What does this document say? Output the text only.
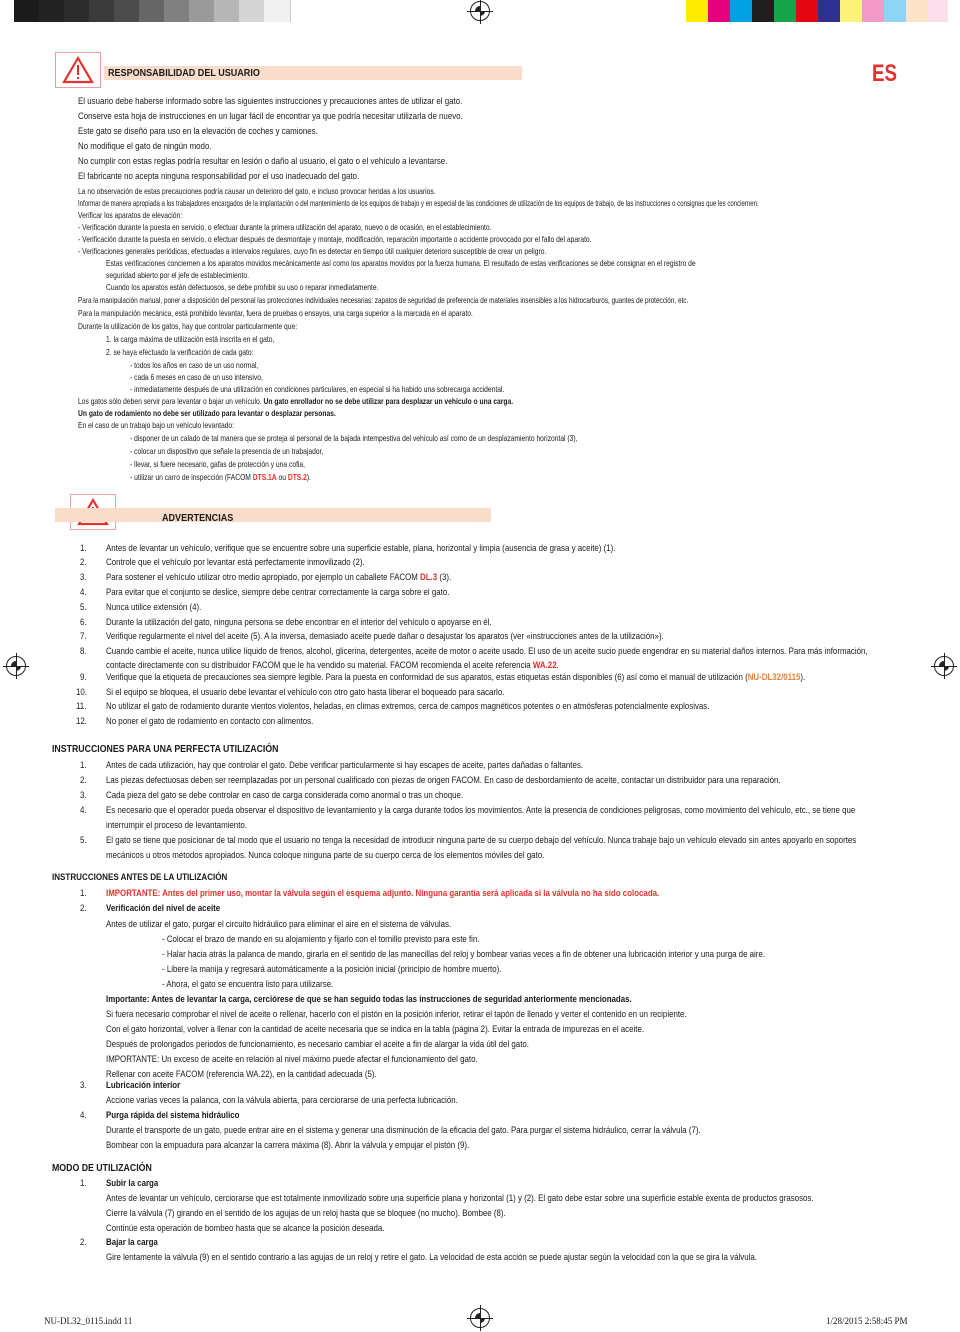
ES
RESPONSABILIDAD DEL USUARIO
El usuario debe haberse informado sobre las siguientes instrucciones y precauciones antes de utilizar el gato.
Conserve esta hoja de instrucciones en un lugar fácil de encontrar ya que podría necesitar utilizarla de nuevo.
Este gato se diseñó para uso en la elevación de coches y camiones.
No modifique el gato de ningún modo.
No cumplir con estas reglas podría resultar en lesión o daño al usuario, el gato o el vehículo a levantarse.
El fabricante no acepta ninguna responsabilidad por el uso inadecuado del gato.
La no observación de estas precauciones podría causar un deterioro del gato, e incluso provocar heridas a los usuarios.
Informar de manera apropiada a los trabajadores encargados de la implantación o del mantenimiento de los equipos de trabajo y en especial de las condiciones de utilización de los equipos de trabajo, de las instrucciones o consignas que les conciernen.
Verificar los aparatos de elevación:
- Verificación durante la puesta en servicio, o efectuar durante la primera utilización del aparato, nuevo o de ocasión, en el establecimiento.
- Verificación durante la puesta en servicio, o efectuar después de desmontaje y montaje, modificación, reparación importante o accidente provocado por el fallo del aparato.
- Verificaciones generales periódicas, efectuadas a intervalos regulares, cuyo fin es detectar en tiempo útil cualquier deterioro susceptible de crear un peligro.
Estas verificaciones conciernen a los aparatos movidos mecánicamente así como los aparatos movidos por la fuerza humana. El resultado de estas verificaciones se debe consignar en el registro de
seguridad abierto por el jefe de establecimiento.
Cuando los aparatos están defectuosos, se debe prohibir su uso o reparar inmediatamente.
Para la manipulación manual, poner a disposición del personal las protecciones individuales necesarias: zapatos de seguridad de preferencia de materiales insensibles a los hidrocarburos, guantes de protección, etc.
Para la manipulación mecánica, está prohibido levantar, fuera de pruebas o ensayos, una carga superior a la marcada en el aparato.
Durante la utilización de los gatos, hay que controlar particularmente que:
1. la carga máxima de utilización está inscrita en el gato,
2. se haya efectuado la verificación de cada gato:
- todos los años en caso de un uso normal,
- cada 6 meses en caso de un uso intensivo,
- inmediatamente después de una utilización en condiciones particulares, en especial si ha habido una sobrecarga accidental.
Los gatos sólo deben servir para levantar o bajar un vehículo. Un gato enrollador no se debe utilizar para desplazar un vehículo o una carga.
Un gato de rodamiento no debe ser utilizado para levantar o desplazar personas.
En el caso de un trabajo bajo un vehículo levantado:
- disponer de un calado de tal manera que se proteja al personal de la bajada intempestiva del vehículo así como de un desplazamiento horizontal (3),
- colocar un dispositivo que señale la presencia de un trabajador,
- llevar, si fuere necesario, gafas de protección y una cofia,
- utilizar un carro de inspección (FACOM DTS.1A ou DTS.2).
ADVERTENCIAS
1. Antes de levantar un vehículo, verifique que se encuentre sobre una superficie estable, plana, horizontal y limpia (ausencia de grasa y aceite) (1).
2. Controle que el vehículo por levantar está perfectamente inmovilizado (2).
3. Para sostener el vehículo utilizar otro medio apropiado, por ejemplo un caballete FACOM DL.3 (3).
4. Para evitar que el conjunto se deslice, siempre debe centrar correctamente la carga sobre el gato.
5. Nunca utilice extensión (4).
6. Durante la utilización del gato, ninguna persona se debe encontrar en el interior del vehículo o apoyarse en él.
7. Verifique regularmente el nivel del aceite (5). A la inversa, demasiado aceite puede dañar o desajustar los aparatos (ver «instrucciones antes de la utilización»).
8. Cuando cambie el aceite, nunca utilice líquido de frenos, alcohol, glicerina, detergentes, aceite de motor o aceite usado. El uso de un aceite sucio puede engendrar en su material daños internos. Para más información,
contacte directamente con su distribuidor FACOM que le ha vendido su material. FACOM recomienda el aceite referencia WA.22.
9. Verifique que la etiqueta de precauciones sea siempre legible. Para la puesta en conformidad de sus aparatos, estas etiquetas están disponibles (6) así como el manual de utilización (NU-DL32/0115).
10. Si el equipo se bloquea, el usuario debe levantar el vehículo con otro gato hasta liberar el boqueado para sacarlo.
11. No utilizar el gato de rodamiento durante vientos violentos, heladas, en climas extremos, cerca de campos magnéticos potentes o en atmósferas potencialmente explosivas.
12. No poner el gato de rodamiento en contacto con alimentos.
INSTRUCCIONES PARA UNA PERFECTA UTILIZACIÓN
1. Antes de cada utilización, hay que controlar el gato. Debe verificar particularmente si hay escapes de aceite, partes dañadas o faltantes.
2. Las piezas defectuosas deben ser reemplazadas por un personal cualificado con piezas de origen FACOM. En caso de desbordamiento de aceite, contactar un distribuidor para una reparación.
3. Cada pieza del gato se debe controlar en caso de carga considerada como anormal o tras un choque.
4. Es necesario que el operador pueda observar el dispositivo de levantamiento y la carga durante todos los movimientos. Ante la presencia de condiciones peligrosas, como movimiento del vehículo, etc., se tiene que
interrumpir el proceso de levantamiento.
5. El gato se tiene que posicionar de tal modo que el usuario no tenga la necesidad de introducir ninguna parte de su cuerpo debajo del vehículo. Nunca trabaje bajo un vehículo elevado sin antes apoyarlo en soportes
mecánicos u otros métodos apropiados. Nunca coloque ninguna parte de su cuerpo cerca de los elementos móviles del gato.
INSTRUCCIONES ANTES DE LA UTILIZACIÓN
1. IMPORTANTE: Antes del primer uso, montar la válvula según el esquema adjunto. Ninguna garantía será aplicada si la válvula no ha sido colocada.
2. Verificación del nivel de aceite
Antes de utilizar el gato, purgar el circuito hidráulico para eliminar el aire en el sistema de válvulas.
- Colocar el brazo de mando en su alojamiento y fijarlo con el tornillo previsto para este fin.
- Halar hacia atrás la palanca de mando, girarla en el sentido de las manecillas del reloj y bombear varias veces a fin de obtener una lubricación interior y una purga de aire.
- Libere la manija y regresará automáticamente a la posición inicial (principio de hombre muerto).
- Ahora, el gato se encuentra listo para utilizarse.
Importante: Antes de levantar la carga, cerciórese de que se han seguido todas las instrucciones de seguridad anteriormente mencionadas.
Si fuera necesario comprobar el nivel de aceite o rellenar, hacerlo con el pistón en la posición inferior, retirar el tapón de llenado y verter el contenido en un recipiente.
Con el gato horizontal, volver a llenar con la cantidad de aceite necesaria que se indica en la tabla (página 2). Evitar la entrada de impurezas en el aceite.
Después de prolongados periodos de funcionamiento, es necesario cambiar el aceite a fin de alargar la vida útil del gato.
IMPORTANTE: Un exceso de aceite en relación al nivel máximo puede afectar el funcionamiento del gato.
Rellenar con aceite FACOM (referencia WA.22), en la cantidad adecuada (5).
3. Lubricación interior
Accione varias veces la palanca, con la válvula abierta, para cerciorarse de una perfecta lubricación.
4. Purga rápida del sistema hidráulico
Durante el transporte de un gato, puede entrar aire en el sistema y generar una disminución de la eficacia del gato. Para purgar el sistema hidráulico, cerrar la válvula (7).
Bombear con la empuadura para alcanzar la carrera máxima (8). Abrir la válvula y empujar el pistón (9).
MODO DE UTILIZACIÓN
1. Subir la carga
Antes de levantar un vehículo, cerciorarse que est totalmente inmovilizado sobre una superficie plana y horizontal (1) y (2). El gato debe estar sobre una superficie estable exenta de productos grasosos.
Cierre la válvula (7) girando en el sentido de los agujas de un reloj hasta que se bloquee (no mucho). Bombee (8).
Continúe esta operación de bombeo hasta que se alcance la posición deseada.
2. Bajar la carga
Gire lentamente la válvula (9) en el sentido contrario a las agujas de un reloj y retire el gato. La velocidad de esta acción se puede ajustar según la velocidad con la que se gira la válvula.
NU-DL32_0115.indd 11	1/28/2015 2:58:45 PM
